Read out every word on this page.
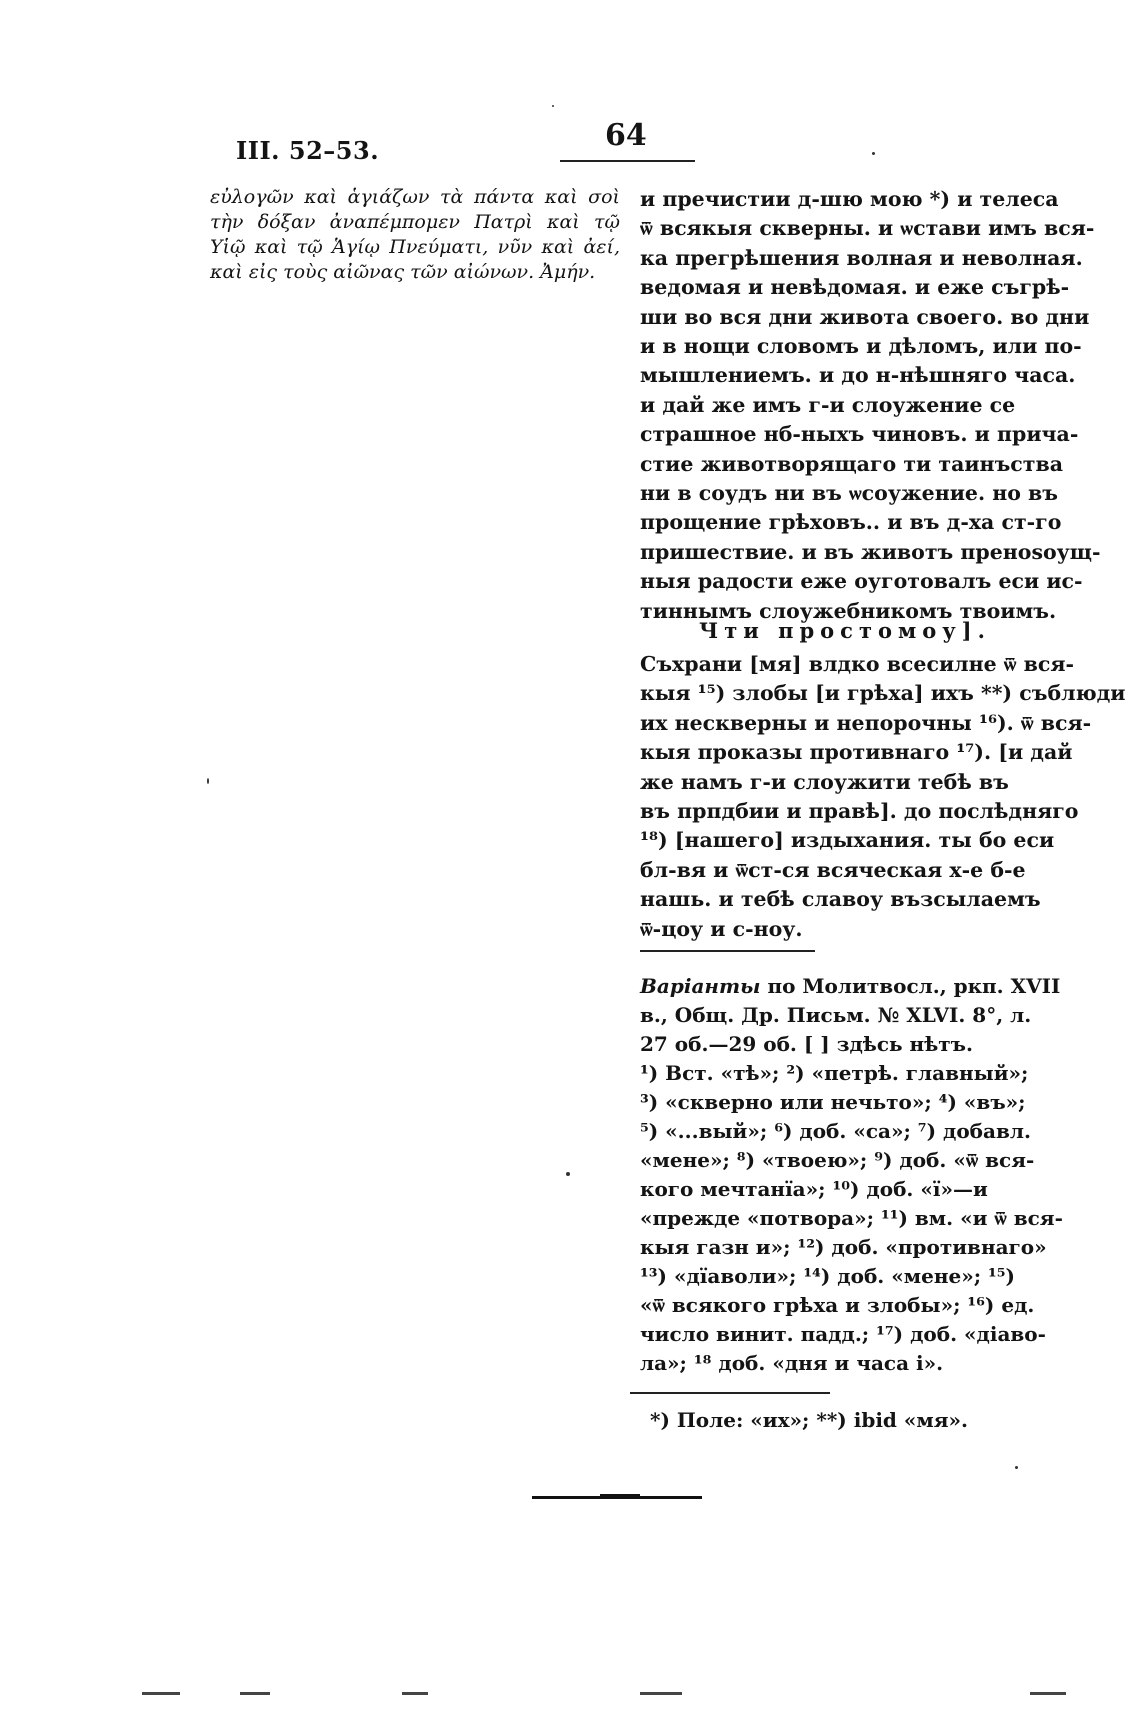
III. 52–53.	64
εὐλογῶν καὶ ἁγιάζων τὰ πάντα καὶ σοὶ τὴν δόξαν ἀναπέμπομεν Πατρὶ καὶ τῷ Υἱῷ καὶ τῷ Ἁγίῳ Πνεύματι, νῦν καὶ ἀεί, καὶ εἰς τοὺς αἰῶνας τῶν αἰώνων. Ἀμήν.
и пречистии д-шю мою *) и телеса
ѿ всякыя скверны. и ѡстави имъ вся-
ка прегрѣшения волная и неволная.
ведомая и невѣдомая. и еже съгрѣ-
ши во вся дни живота своего. во дни
и в нощи словомъ и дѣломъ, или по-
мышлениемъ. и до н-нѣшняго часа.
и дай же имъ г-и слоужение се
страшное нб-ныхъ чиновъ. и прича-
стие животворящаго ти таинъства
ни в соудъ ни въ ѡсоужение. но въ
прощение грѣховъ.. и въ д-ха ст-го
пришествие. и въ животъ пренosoущ-
ныя радости еже оуготовалъ еси ис-
тиннымъ слоужебникомъ твоимъ.
Чти простомоу].
Съхрани [мя] влдко всесилне ѿ вся-
кыя ¹⁵) злобы [и грѣха] ихъ **) съблюди
их нескверны и непорочны ¹⁶). ѿ вся-
кыя проказы противнаго ¹⁷). [и дай
же намъ г-и слоужити тебѣ въ
въ прпдбии и правѣ]. до послѣдняго
¹⁸) [нашего] издыхания. ты бо еси
бл-вя и ѿст-ся всяческая х-е б-е
нашь. и тебѣ славоу възсылаемъ
ѿ-цоу и с-ноу.
Варіанты по Молитвосл., ркп. XVII
в., Общ. Др. Письм. № XLVI. 8°, л.
27 об.—29 об. [ ] здѣсь нѣтъ.
¹) Вст. «тѣ»; ²) «петрѣ. главный»;
³) «скверно или нечьто»; ⁴) «въ»;
⁵) «...вый»; ⁶) доб. «са»; ⁷) добавл.
«мене»; ⁸) «твоею»; ⁹) доб. «ѿ вся-
кого мечтанїа»; ¹⁰) доб. «ї»—и
«прежде «потвора»; ¹¹) вм. «и ѿ вся-
кыя газн и»; ¹²) доб. «противнаго»
¹³) «дїаволи»; ¹⁴) доб. «мене»; ¹⁵)
«ѿ всякого грѣха и злобы»; ¹⁶) ед.
число винит. падд.; ¹⁷) доб. «діаво-
ла»; ¹⁸ доб. «дня и часа і».
*) Поле: «их»; **) ibid «мя».
